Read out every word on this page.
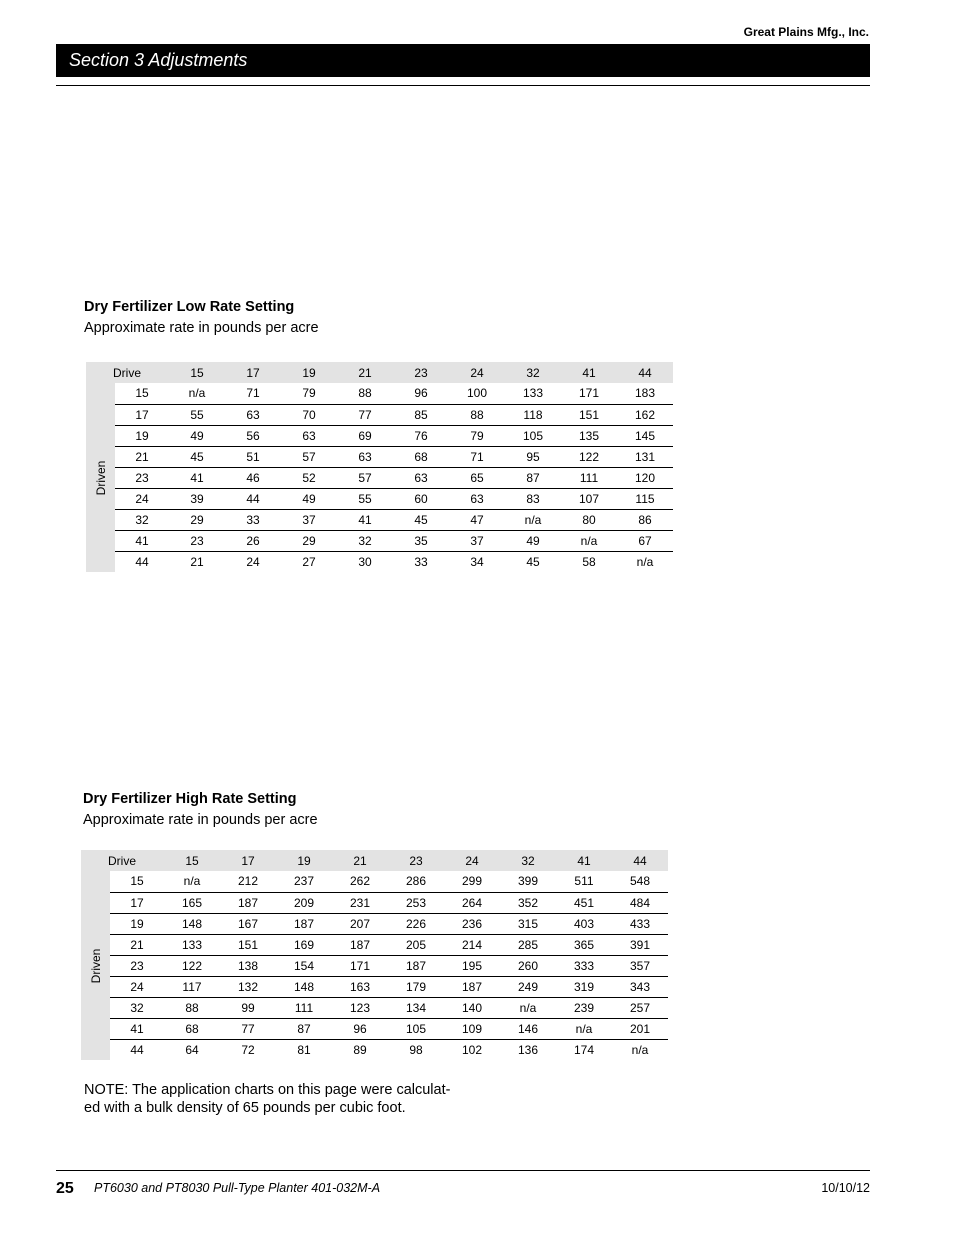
Great Plains Mfg., Inc.
Section 3 Adjustments
Dry Fertilizer Low Rate Setting
Approximate rate in pounds per acre
Drive		15	17	19	21	23	24	32	41	44

Driven	15	n/a	71	79	88	96	100	133	171	183
	17	55	63	70	77	85	88	118	151	162
	19	49	56	63	69	76	79	105	135	145
	21	45	51	57	63	68	71	95	122	131
	23	41	46	52	57	63	65	87	111	120
	24	39	44	49	55	60	63	83	107	115
	32	29	33	37	41	45	47	n/a	80	86
	41	23	26	29	32	35	37	49	n/a	67
	44	21	24	27	30	33	34	45	58	n/a
Dry Fertilizer High Rate Setting
Approximate rate in pounds per acre
Drive		15	17	19	21	23	24	32	41	44

Driven	15	n/a	212	237	262	286	299	399	511	548
	17	165	187	209	231	253	264	352	451	484
	19	148	167	187	207	226	236	315	403	433
	21	133	151	169	187	205	214	285	365	391
	23	122	138	154	171	187	195	260	333	357
	24	117	132	148	163	179	187	249	319	343
	32	88	99	111	123	134	140	n/a	239	257
	41	68	77	87	96	105	109	146	n/a	201
	44	64	72	81	89	98	102	136	174	n/a
NOTE: The application charts on this page were calculat-
ed with a bulk density of 65 pounds per cubic foot.
25 PT6030 and PT8030 Pull-Type Planter 401-032M-A	10/10/12
